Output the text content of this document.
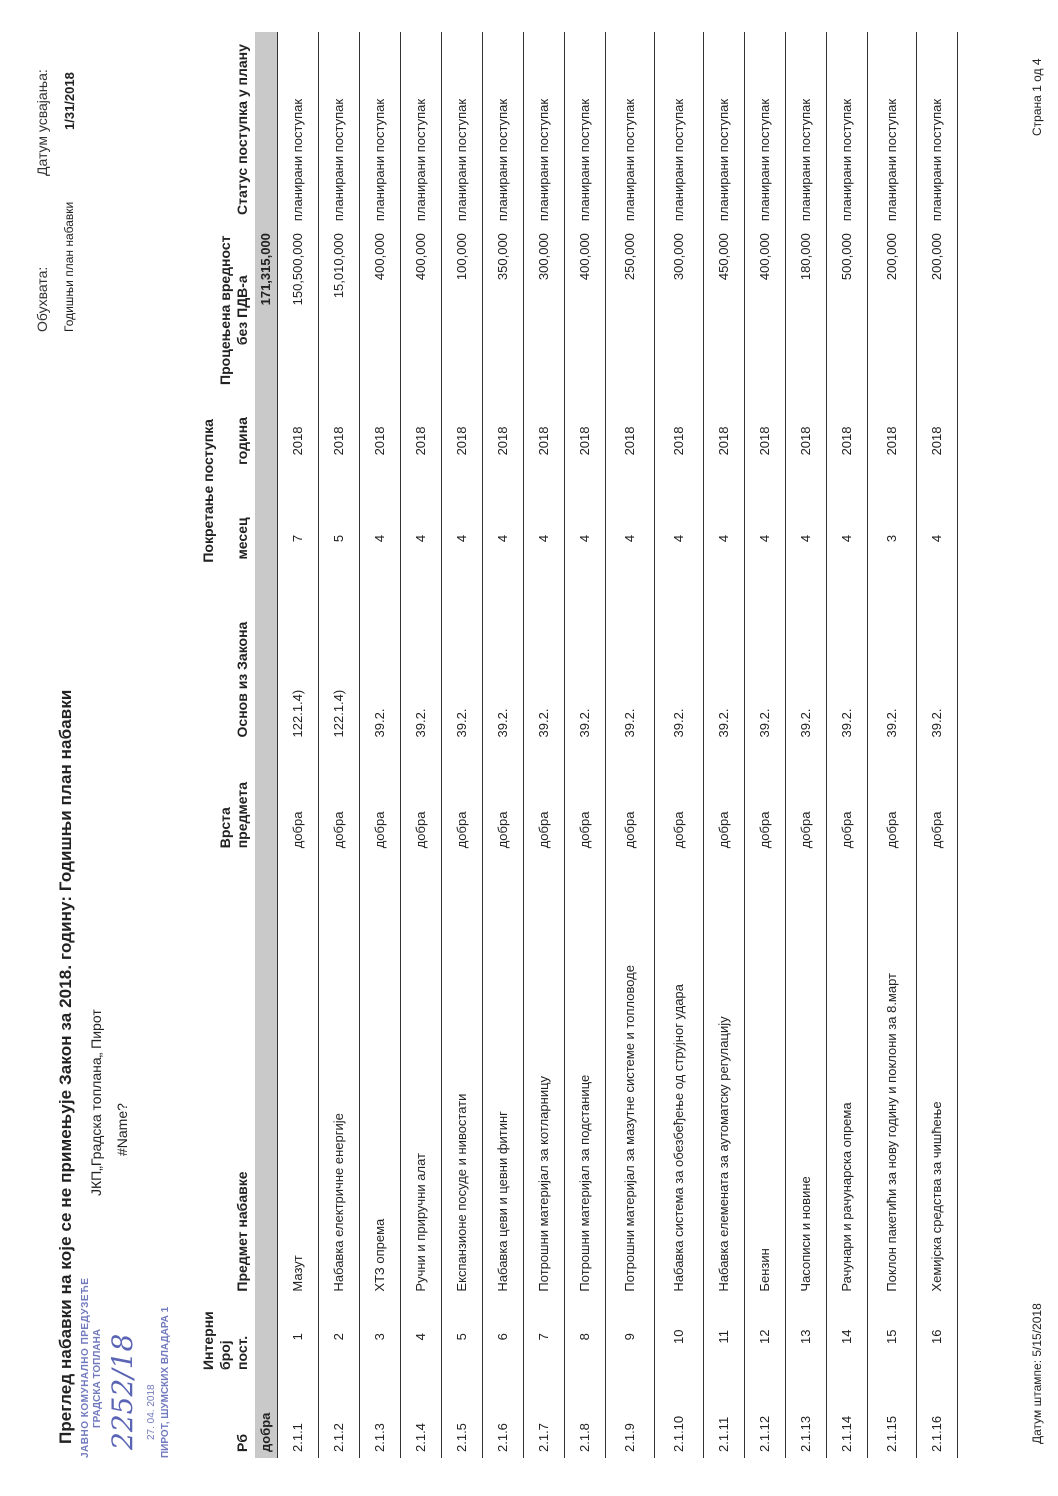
Преглед набавки на које се не примењује Закон за 2018. годину: Годишњи план набавки ЈКП„Градска топлана„ Пирот #Name?
Обухвата: Годишњи план набавки
Датум усвајања: 1/31/2018
ЈАВНО КОМУНАЛНО ПРЕДУЗЕЋЕ ГРАДСКА ТОПЛАНА 2252/18 27. 04. 2018 ПИРОТ, ШУМСКИХ ВЛАДАРА 1	Рб	Интерни број пост.	Предмет набавке	Врста предмета	Основ из Закона	Покретање поступка		Процењена вредност без ПДВ-а	Статус поступка у плану
					месец	година		
добра							171,315,000	
2.1.1	1	Мазут	добра	122.1.4)	7	2018	150,500,000	планирани поступак
2.1.2	2	Набавка електричне енергије	добра	122.1.4)	5	2018	15,010,000	планирани поступак
2.1.3	3	ХТЗ опрема	добра	39.2.	4	2018	400,000	планирани поступак
2.1.4	4	Ручни и приручни алат	добра	39.2.	4	2018	400,000	планирани поступак
2.1.5	5	Експанзионе посуде и нивостати	добра	39.2.	4	2018	100,000	планирани поступак
2.1.6	6	Набавка цеви и цевни фитинг	добра	39.2.	4	2018	350,000	планирани поступак
2.1.7	7	Потрошни материјал за котларницу	добра	39.2.	4	2018	300,000	планирани поступак
2.1.8	8	Потрошни материјал за подстанице	добра	39.2.	4	2018	400,000	планирани поступак
2.1.9	9	Потрошни материјал за мазутне системе и топловоде	добра	39.2.	4	2018	250,000	планирани поступак
2.1.10	10	Набавка система за обезбеђење од струјног удара	добра	39.2.	4	2018	300,000	планирани поступак
2.1.11	11	Набавка елемената за аутоматску регулацију	добра	39.2.	4	2018	450,000	планирани поступак
2.1.12	12	Бензин	добра	39.2.	4	2018	400,000	планирани поступак
2.1.13	13	Часописи и новине	добра	39.2.	4	2018	180,000	планирани поступак
2.1.14	14	Рачунари и рачунарска опрема	добра	39.2.	4	2018	500,000	планирани поступак
2.1.15	15	Поклон пакетићи за нову годину и поклони за 8.март	добра	39.2.	3	2018	200,000	планирани поступак
2.1.16	16	Хемијска средства за чишћење	добра	39.2.	4	2018	200,000	планирани поступак
Датум штампе: 5/15/2018
Страна 1 од 4
